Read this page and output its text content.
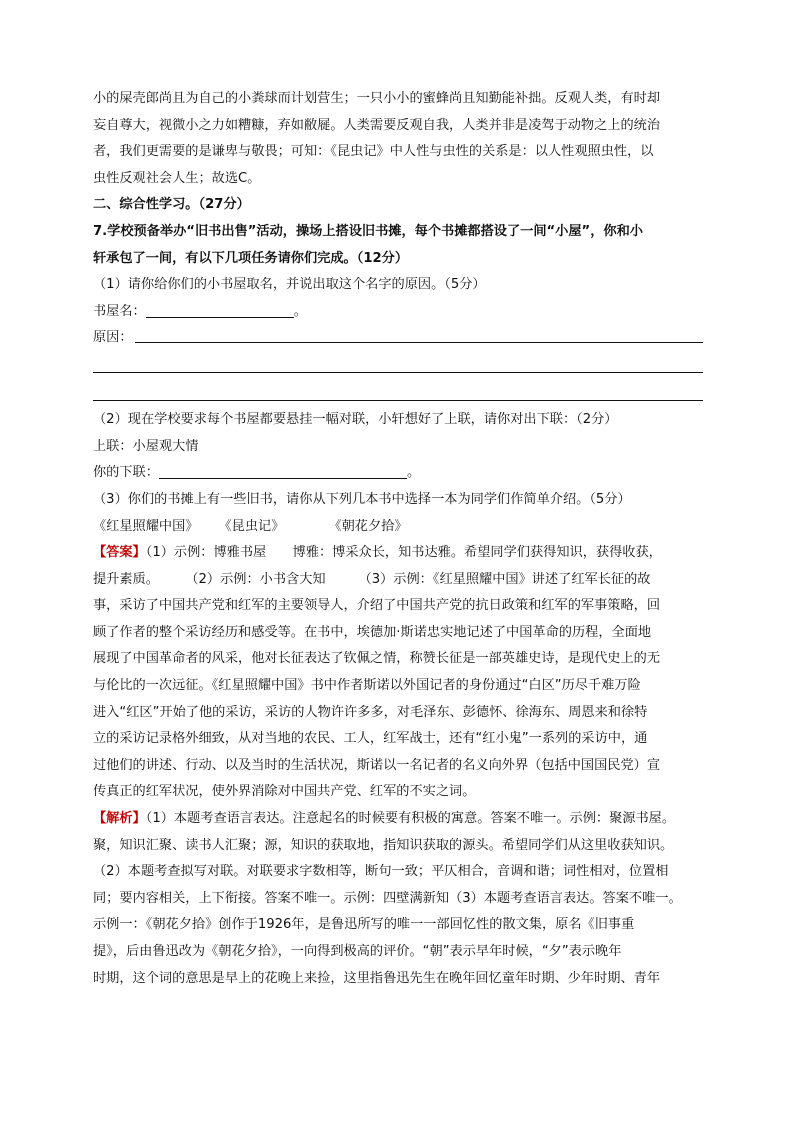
小的屎壳郎尚且为自己的小粪球而计划营生；一只小小的蜜蜂尚且知勤能补拙。反观人类，有时却
妄自尊大，视微小之力如糟糠，弃如敝屣。人类需要反观自我，人类并非是凌驾于动物之上的统治
者，我们更需要的是谦卑与敬畏；可知：《昆虫记》中人性与虫性的关系是：以人性观照虫性，以
虫性反观社会人生；故选C。
二、综合性学习。（27分）
7.学校预备举办“旧书出售”活动，操场上搭设旧书摊，每个书摊都搭设了一间“小屋”，你和小
轩承包了一间，有以下几项任务请你们完成。（12分）
（1）请你给你们的小书屋取名，并说出取这个名字的原因。（5分）
书屋名：	。
原因：
（2）现在学校要求每个书屋都要悬挂一幅对联，小轩想好了上联，请你对出下联：（2分）
上联：小屋观大情
你的下联：	。
（3）你们的书摊上有一些旧书，请你从下列几本书中选择一本为同学们作简单介绍。（5分）
《红星照耀中国》 《昆虫记》	《朝花夕拾》
【答案】（1）示例：博雅书屋　　博雅：博采众长，知书达雅。希望同学们获得知识，获得收获，
提升素质。　　　（2）示例：小书含大知　　　（3）示例：《红星照耀中国》讲述了红军长征的故
事，采访了中国共产党和红军的主要领导人，介绍了中国共产党的抗日政策和红军的军事策略，回
顾了作者的整个采访经历和感受等。在书中，埃德加·斯诺忠实地记述了中国革命的历程，全面地
展现了中国革命者的风采，他对长征表达了钦佩之情，称赞长征是一部英雄史诗，是现代史上的无
与伦比的一次远征。《红星照耀中国》书中作者斯诺以外国记者的身份通过“白区”历尽千难万险
进入“红区”开始了他的采访，采访的人物许许多多，对毛泽东、彭德怀、徐海东、周恩来和徐特
立的采访记录格外细致，从对当地的农民、工人，红军战士，还有“红小鬼”一系列的采访中，通
过他们的讲述、行动、以及当时的生活状况，斯诺以一名记者的名义向外界（包括中国国民党）宣
传真正的红军状况，使外界消除对中国共产党、红军的不实之词。
【解析】（1）本题考查语言表达。注意起名的时候要有积极的寓意。答案不唯一。示例：聚源书屋。
聚，知识汇聚、读书人汇聚；源，知识的获取地，指知识获取的源头。希望同学们从这里收获知识。
（2）本题考查拟写对联。对联要求字数相等，断句一致；平仄相合，音调和谐；词性相对，位置相
同；要内容相关，上下衔接。答案不唯一。示例：四壁满新知（3）本题考查语言表达。答案不唯一。
示例一：《朝花夕拾》创作于1926年，是鲁迅所写的唯一一部回忆性的散文集，原名《旧事重
提》，后由鲁迅改为《朝花夕拾》，一向得到极高的评价。“朝”表示早年时候，“夕”表示晚年
时期，这个词的意思是早上的花晚上来捡，这里指鲁迅先生在晚年回忆童年时期、少年时期、青年
